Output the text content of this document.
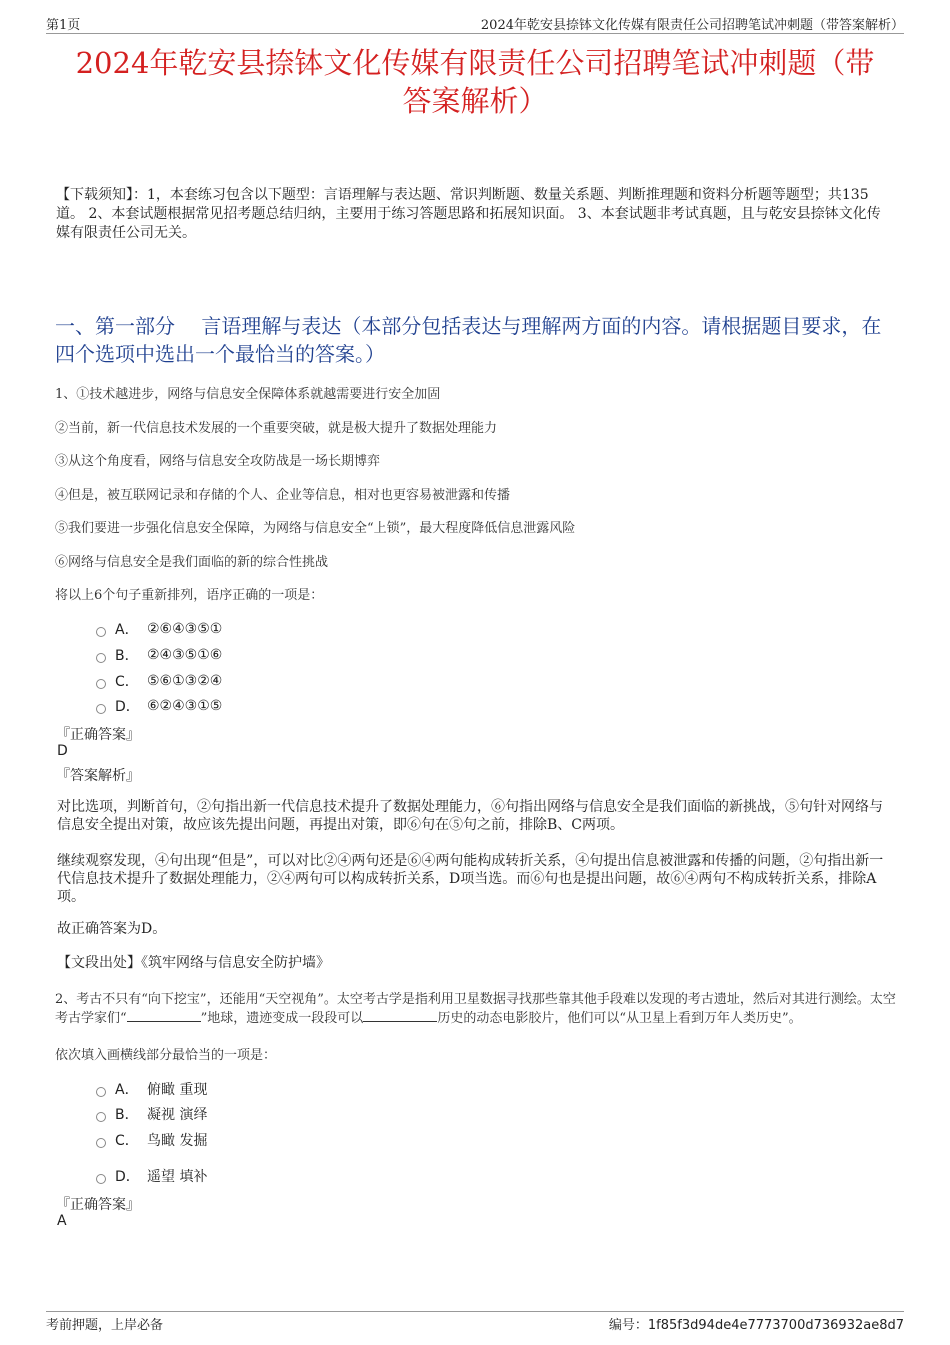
第1页	2024年乾安县捺钵文化传媒有限责任公司招聘笔试冲刺题（带答案解析）
2024年乾安县捺钵文化传媒有限责任公司招聘笔试冲刺题（带
答案解析）
【下载须知】：1，本套练习包含以下题型：言语理解与表达题、常识判断题、数量关系题、判断推理题和资料分析题等题型；共135道。 2、本套试题根据常见招考题总结归纳，主要用于练习答题思路和拓展知识面。 3、本套试题非考试真题，且与乾安县捺钵文化传媒有限责任公司无关。
一、第一部分　 言语理解与表达（本部分包括表达与理解两方面的内容。请根据题目要求，在四个选项中选出一个最恰当的答案。）
1、①技术越进步，网络与信息安全保障体系就越需要进行安全加固
②当前，新一代信息技术发展的一个重要突破，就是极大提升了数据处理能力
③从这个角度看，网络与信息安全攻防战是一场长期博弈
④但是，被互联网记录和存储的个人、企业等信息，相对也更容易被泄露和传播
⑤我们要进一步强化信息安全保障，为网络与信息安全“上锁”，最大程度降低信息泄露风险
⑥网络与信息安全是我们面临的新的综合性挑战
将以上6个句子重新排列，语序正确的一项是：
A． ②⑥④③⑤①
B． ②④③⑤①⑥
C． ⑤⑥①③②④
D． ⑥②④③①⑤
『正确答案』
D
『答案解析』
对比选项，判断首句，②句指出新一代信息技术提升了数据处理能力，⑥句指出网络与信息安全是我们面临的新挑战，⑤句针对网络与信息安全提出对策，故应该先提出问题，再提出对策，即⑥句在⑤句之前，排除B、C两项。
继续观察发现，④句出现“但是”，可以对比②④两句还是⑥④两句能构成转折关系，④句提出信息被泄露和传播的问题，②句指出新一代信息技术提升了数据处理能力，②④两句可以构成转折关系，D项当选。而⑥句也是提出问题，故⑥④两句不构成转折关系，排除A项。
故正确答案为D。
【文段出处】《筑牢网络与信息安全防护墙》
2、考古不只有“向下挖宝”，还能用“天空视角”。太空考古学是指利用卫星数据寻找那些靠其他手段难以发现的考古遗址，然后对其进行测绘。太空考古学家们“	”地球，遗迹变成一段段可以	历史的动态电影胶片，他们可以“从卫星上看到万年人类历史”。
依次填入画横线部分最恰当的一项是：
A． 俯瞰 重现
B． 凝视 演绎
C． 鸟瞰 发掘
D． 遥望 填补
『正确答案』
A
考前押题，上岸必备	编号：1f85f3d94de4e7773700d736932ae8d7
